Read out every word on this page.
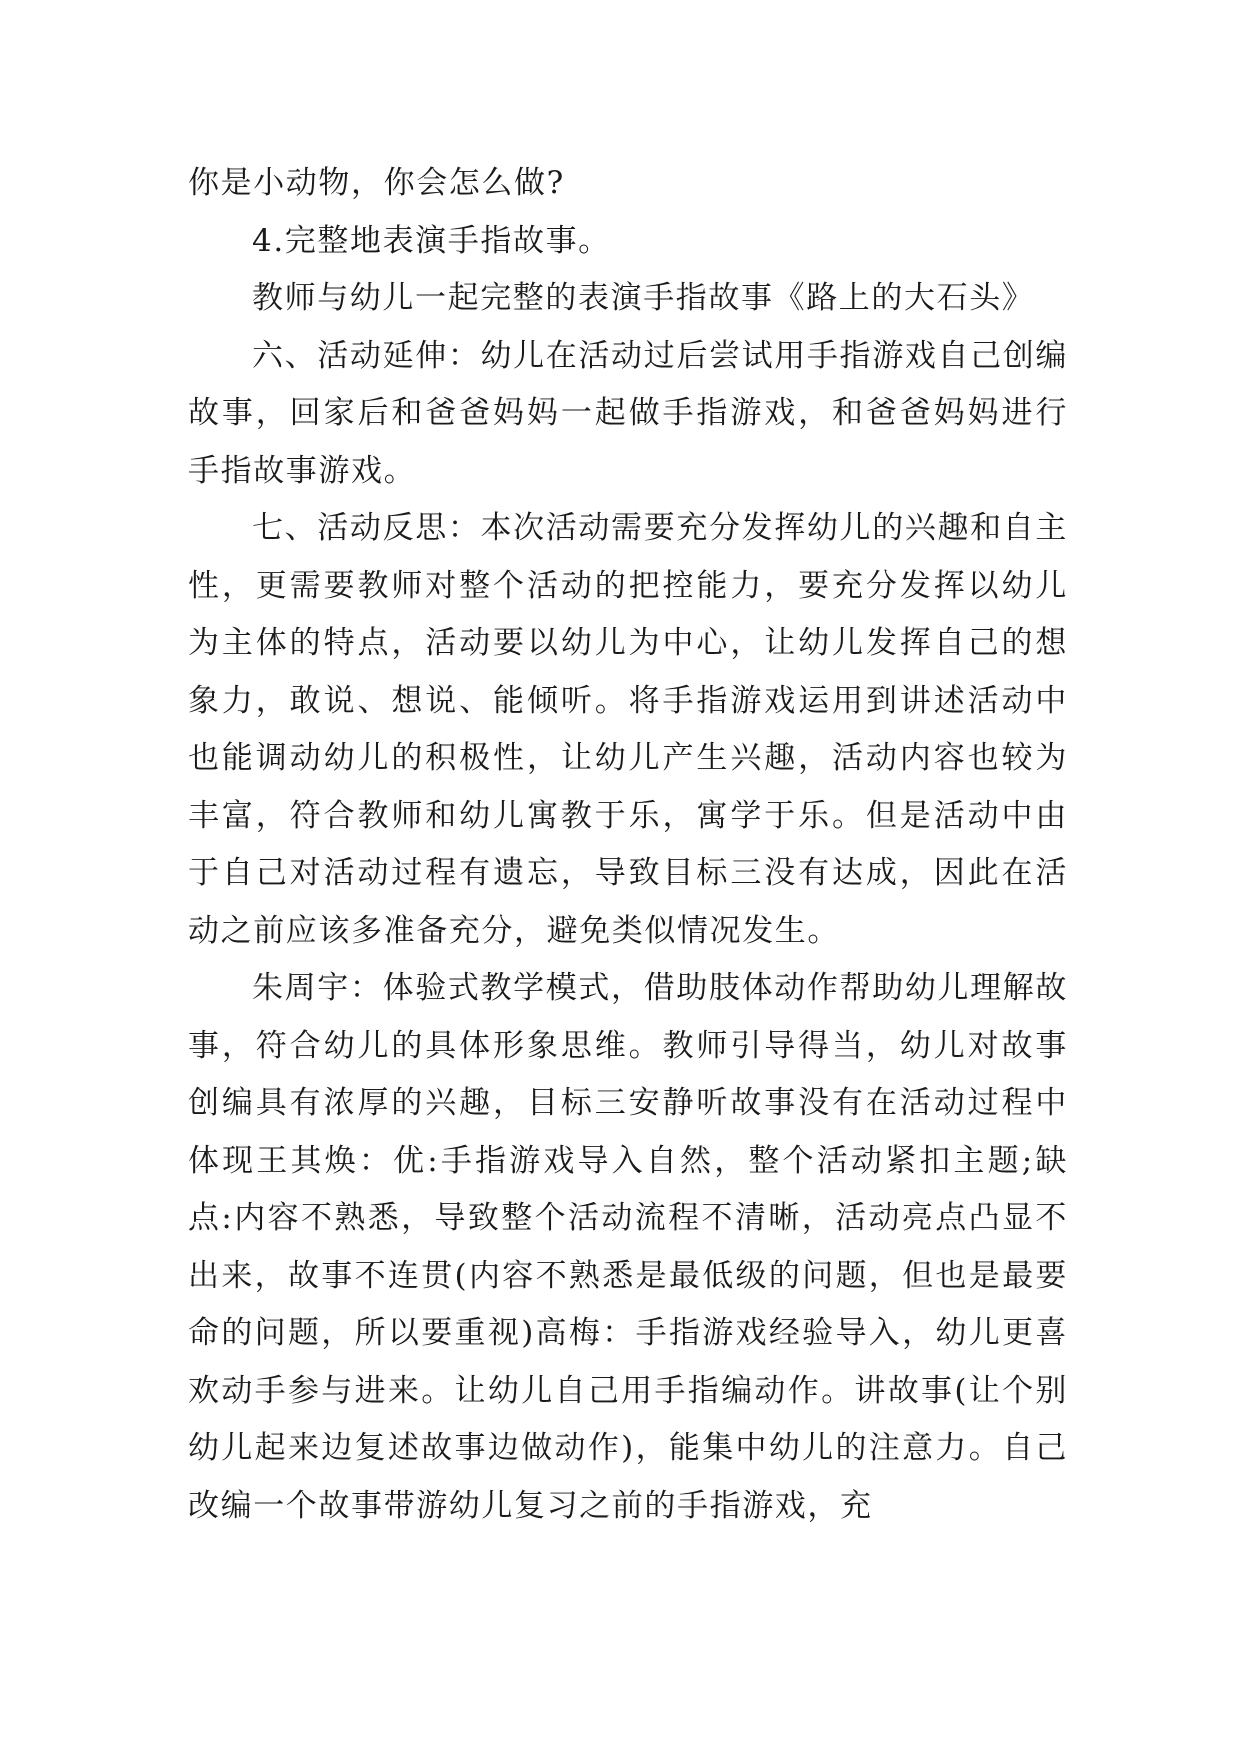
你是小动物，你会怎么做?

4.完整地表演手指故事。

教师与幼儿一起完整的表演手指故事《路上的大石头》

六、活动延伸：幼儿在活动过后尝试用手指游戏自己创编故事，回家后和爸爸妈妈一起做手指游戏，和爸爸妈妈进行手指故事游戏。

七、活动反思：本次活动需要充分发挥幼儿的兴趣和自主性，更需要教师对整个活动的把控能力，要充分发挥以幼儿为主体的特点，活动要以幼儿为中心，让幼儿发挥自己的想象力，敢说、想说、能倾听。将手指游戏运用到讲述活动中也能调动幼儿的积极性，让幼儿产生兴趣，活动内容也较为丰富，符合教师和幼儿寓教于乐，寓学于乐。但是活动中由于自己对活动过程有遗忘，导致目标三没有达成，因此在活动之前应该多准备充分，避免类似情况发生。

朱周宇：体验式教学模式，借助肢体动作帮助幼儿理解故事，符合幼儿的具体形象思维。教师引导得当，幼儿对故事创编具有浓厚的兴趣，目标三安静听故事没有在活动过程中体现王其焕：优:手指游戏导入自然，整个活动紧扣主题;缺点:内容不熟悉，导致整个活动流程不清晰，活动亮点凸显不出来，故事不连贯(内容不熟悉是最低级的问题，但也是最要命的问题，所以要重视)高梅：手指游戏经验导入，幼儿更喜欢动手参与进来。让幼儿自己用手指编动作。讲故事(让个别幼儿起来边复述故事边做动作)，能集中幼儿的注意力。自己改编一个故事带游幼儿复习之前的手指游戏，充
